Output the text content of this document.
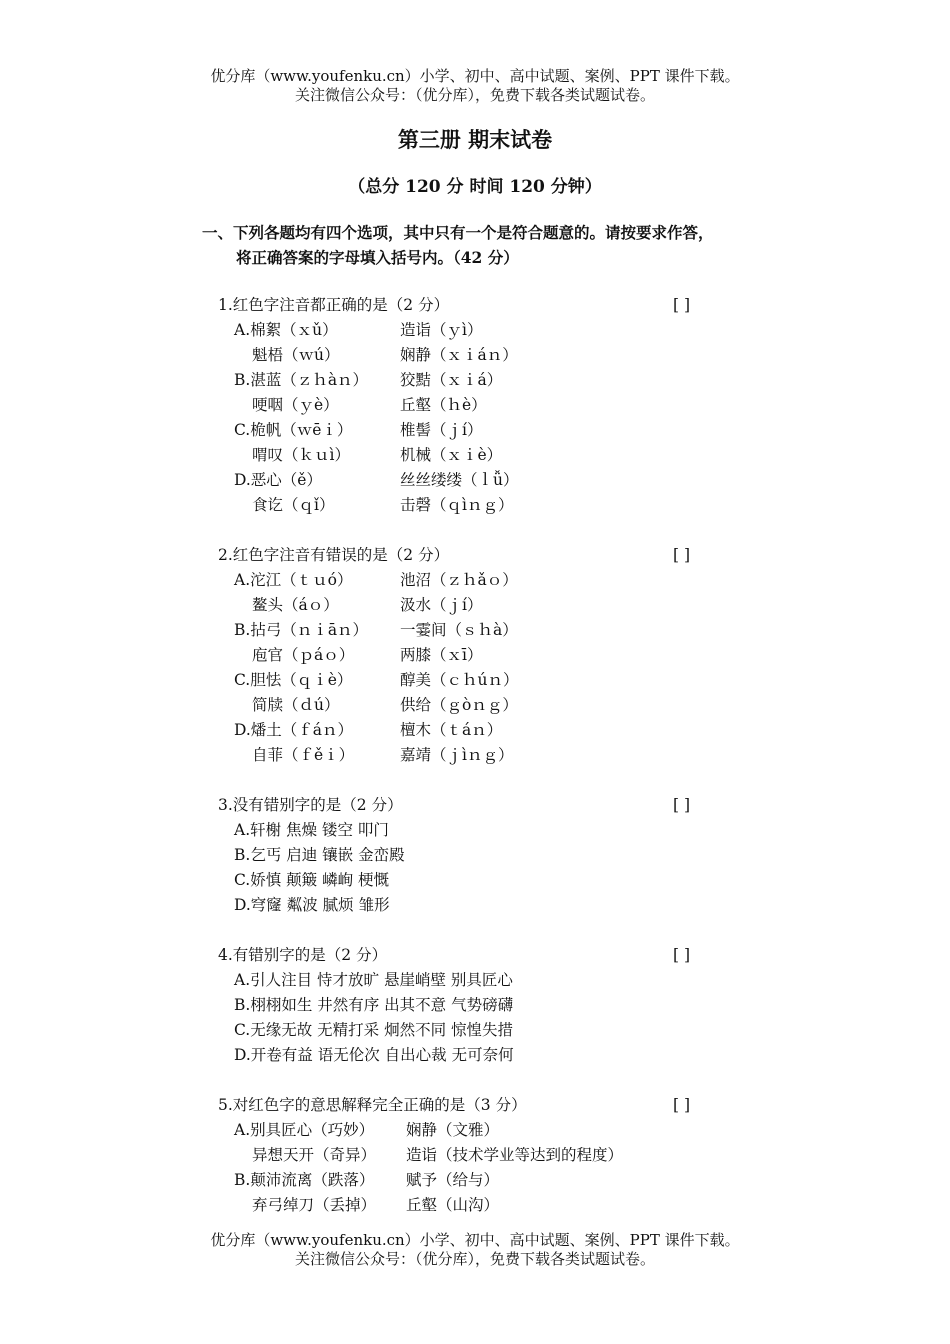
优分库（www.youfenku.cn）小学、初中、高中试题、案例、PPT 课件下载。
关注微信公众号：（优分库），免费下载各类试题试卷。
第三册 期末试卷
（总分 120 分 时间 120 分钟）
一、下列各题均有四个选项，其中只有一个是符合题意的。请按要求作答，
将正确答案的字母填入括号内。（42 分）
1.红色字注音都正确的是（2 分）	[ ]
A.棉絮（ｘǔ）	造诣（ｙì）
魁梧（ｗú）	娴静（ｘｉáｎ）
B.湛蓝（ｚｈàｎ） 狡黠（ｘｉá）
哽咽（ｙè）	丘壑（ｈè）
C.桅帆（ｗēｉ）	椎髻（ｊí）
喟叹（ｋｕì）	机械（ｘｉè）
D.恶心（ě）	丝丝缕缕（ｌǚ）
食讫（ｑǐ）	击磬（ｑìｎｇ）
2.红色字注音有错误的是（2 分）	[ ]
A.沱江（ｔｕó）	池沼（ｚｈǎｏ）
鳌头（áｏ）	汲水（ｊí）
B.拈弓（ｎｉāｎ） 一霎间（ｓｈà）
庖官（ｐáｏ）	两膝（ｘī）
C.胆怯（ｑｉè）	醇美（ｃｈúｎ）
简牍（ｄú）	供给（ｇòｎｇ）
D.燔土（ｆáｎ）	檀木（ｔáｎ）
自菲（ｆěｉ）	嘉靖（ｊìｎｇ）
3.没有错别字的是（2 分）	[ ]
A.轩榭 焦燥 镂空 叩门
B.乞丐 启迪 镶嵌 金峦殿
C.娇慎 颠簸 嶙峋 梗慨
D.穹窿 粼波 腻烦 雏形
4.有错别字的是（2 分）	[ ]
A.引人注目 恃才放旷 悬崖峭壁 别具匠心
B.栩栩如生 井然有序 出其不意 气势磅礴
C.无缘无故 无精打采 炯然不同 惊惶失措
D.开卷有益 语无伦次 自出心裁 无可奈何
5.对红色字的意思解释完全正确的是（3 分）	[ ]
A.别具匠心（巧妙） 娴静（文雅）
异想天开（奇异） 造诣（技术学业等达到的程度）
B.颠沛流离（跌落） 赋予（给与）
弃弓绰刀（丢掉） 丘壑（山沟）
优分库（www.youfenku.cn）小学、初中、高中试题、案例、PPT 课件下载。
关注微信公众号：（优分库），免费下载各类试题试卷。
